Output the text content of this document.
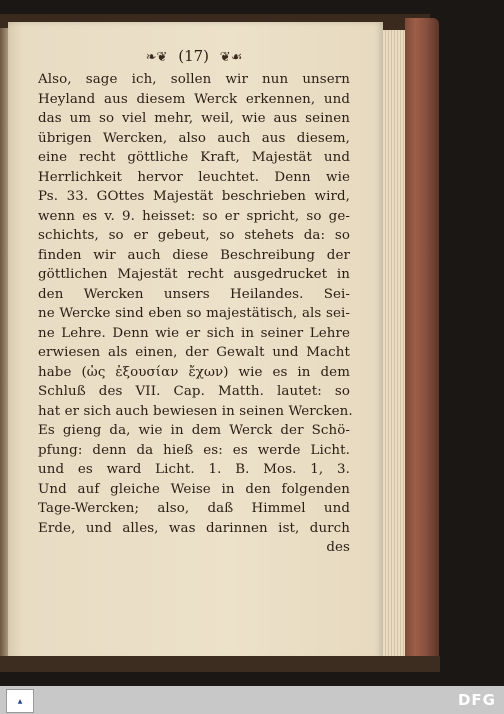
❧❦ (17) ❦☙
Also, sage ich, sollen wir nun unsern
Heyland aus diesem Werck erkennen, und
das um so viel mehr, weil, wie aus seinen
übrigen Wercken, also auch aus diesem,
eine recht göttliche Kraft, Majestät und
Herrlichkeit hervor leuchtet. Denn wie
Ps. 33. GOttes Majestät beschrieben wird,
wenn es v. 9. heisset: so er spricht, so ge-
schichts, so er gebeut, so stehets da: so
finden wir auch diese Beschreibung der
göttlichen Majestät recht ausgedrucket in
den Wercken unsers Heilandes. Sei-
ne Wercke sind eben so majestätisch, als sei-
ne Lehre. Denn wie er sich in seiner Lehre
erwiesen als einen, der Gewalt und Macht
habe (ὡς ἐξουσίαν ἔχων) wie es in dem
Schluß des VII. Cap. Matth. lautet: so
hat er sich auch bewiesen in seinen Wercken.
Es gieng da, wie in dem Werck der Schö-
pfung: denn da hieß es: es werde Licht.
und es ward Licht. 1. B. Mos. 1, 3.
Und auf gleiche Weise in den folgenden
Tage-Wercken; also, daß Himmel und
Erde, und alles, was darinnen ist, durch
des
▲	DFG
